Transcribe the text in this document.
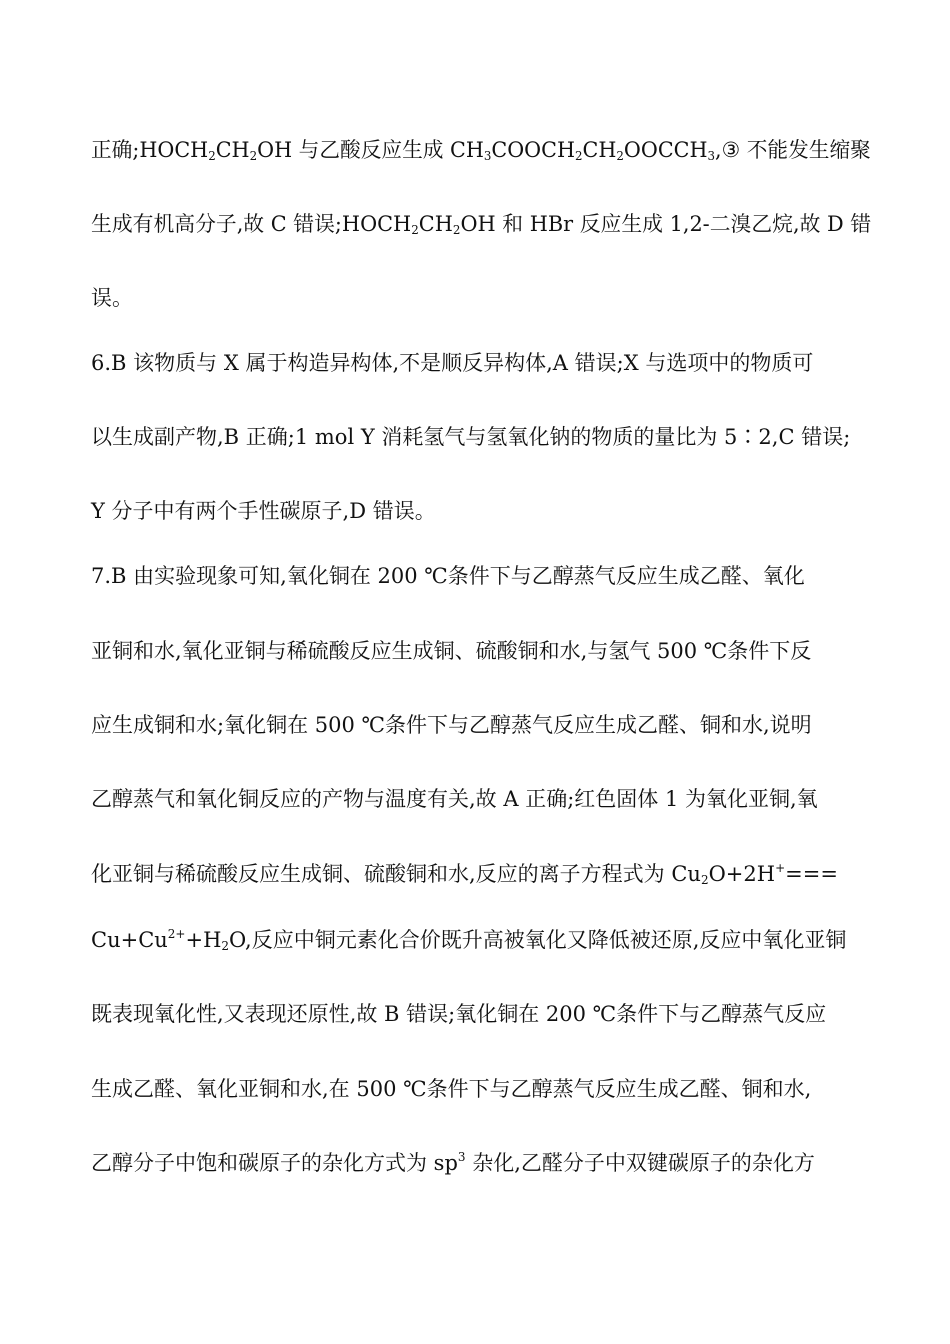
正确$;HOCH_2CH_2OH$ 与乙酸反应生成 $CH_3COOCH_2CH_2OOCCH_3,③$ 不能发生缩聚
生成有机高分子,故 C 错误$;HOCH_2CH_2OH$ 和 HBr 反应生成 1,2-二溴乙烷,故 D 错
误。
6.B 该物质与 X 属于构造异构体,不是顺反异构体,A 错误;X 与选项中的物质可
以生成副产物,B 正确;1 mol Y 消耗氢气与氢氧化钠的物质的量比为 5∶2,C 错误;
Y 分子中有两个手性碳原子,D 错误。
7.B 由实验现象可知,氧化铜在 200 ℃条件下与乙醇蒸气反应生成乙醛、氧化
亚铜和水,氧化亚铜与稀硫酸反应生成铜、硫酸铜和水,与氢气 500 ℃条件下反
应生成铜和水;氧化铜在 500 ℃条件下与乙醇蒸气反应生成乙醛、铜和水,说明
乙醇蒸气和氧化铜反应的产物与温度有关,故 A 正确;红色固体 1 为氧化亚铜,氧
化亚铜与稀硫酸反应生成铜、硫酸铜和水,反应的离子方程式为 $Cu_2O+2H^+===$
$Cu+Cu^{2+}+H_2O$,反应中铜元素化合价既升高被氧化又降低被还原,反应中氧化亚铜
既表现氧化性,又表现还原性,故 B 错误;氧化铜在 200 ℃条件下与乙醇蒸气反应
生成乙醛、氧化亚铜和水,在 500 ℃条件下与乙醇蒸气反应生成乙醛、铜和水,
乙醇分子中饱和碳原子的杂化方式为 $sp^3$ 杂化,乙醛分子中双键碳原子的杂化方
